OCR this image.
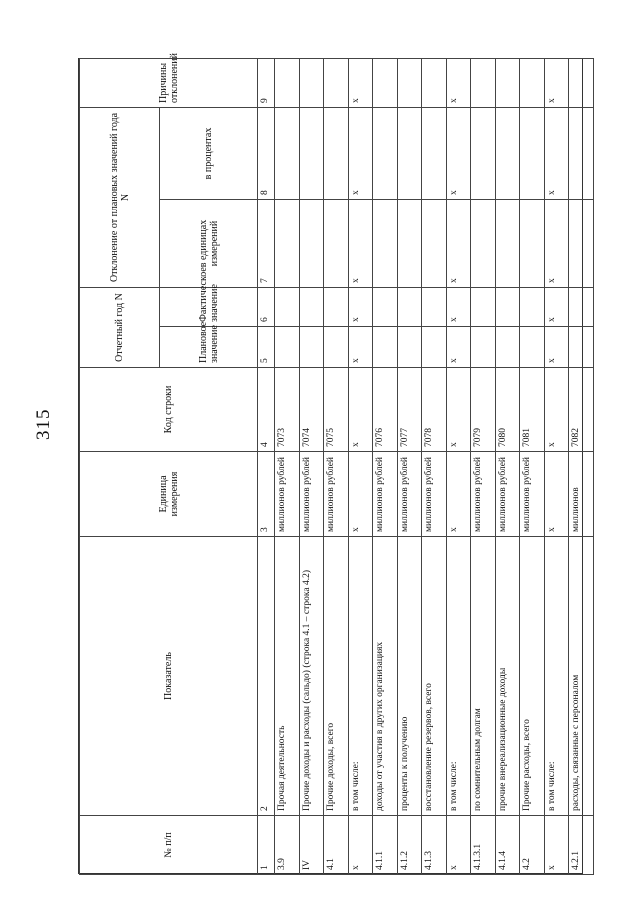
315
№ п/п	Показатель	Единица измерения	Код строки	Отчетный год N		Отклонение от плановых значений года N		Причины отклонений
				Плановое значение	Фактическое значение	в единицах измерений	в процентах	
1	2	3	4	5	6	7	8	9
3.9	Прочая деятельность	миллионов рублей	7073					
IV	Прочие доходы и расходы (сальдо) (строка 4.1 – строка 4.2)	миллионов рублей	7074					
4.1	Прочие доходы, всего	миллионов рублей	7075					
x	в том числе:	x	x	x	x	x	x	x
4.1.1	доходы от участия в других организациях	миллионов рублей	7076					
4.1.2	проценты к получению	миллионов рублей	7077					
4.1.3	восстановление резервов, всего	миллионов рублей	7078					
x	в том числе:	x	x	x	x	x	x	x
4.1.3.1	по сомнительным долгам	миллионов рублей	7079					
4.1.4	прочие внереализационные доходы	миллионов рублей	7080					
4.2	Прочие расходы, всего	миллионов рублей	7081					
x	в том числе:	x	x	x	x	x	x	x
4.2.1	расходы, связанные с персоналом	миллионов	7082					
